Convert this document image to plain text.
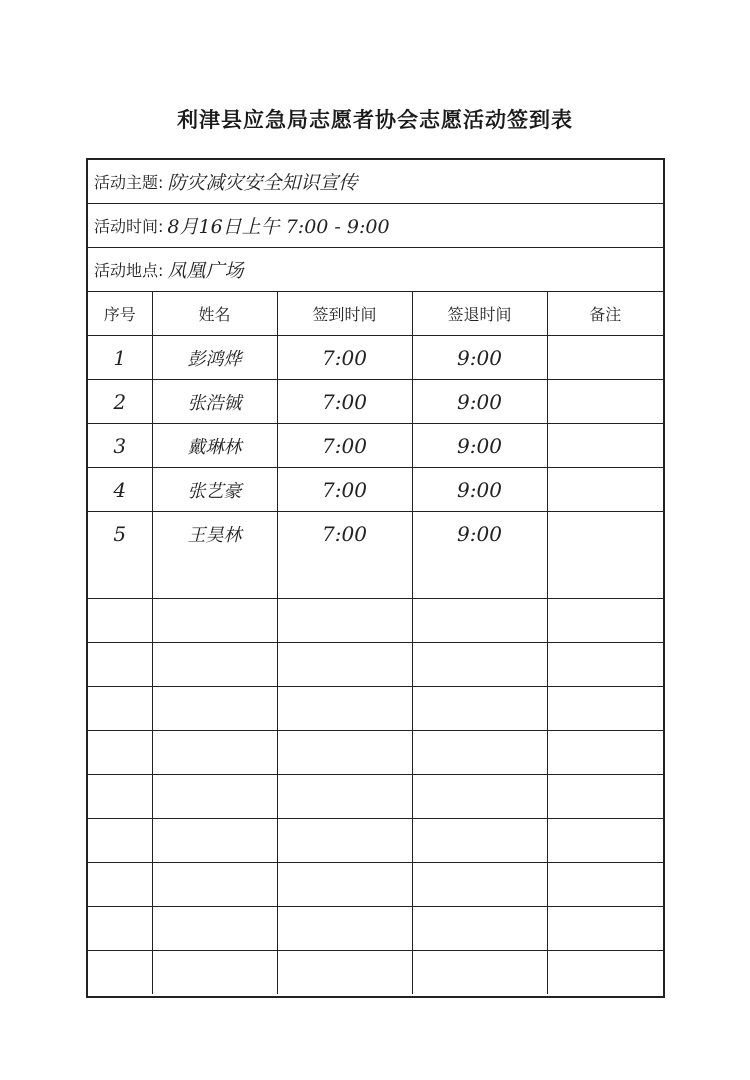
利津县应急局志愿者协会志愿活动签到表
活动主题: 防灾减灾安全知识宣传
活动时间: 8月16日上午 7:00 - 9:00
活动地点: 凤凰广场
序号	姓名	签到时间	签退时间	备注
1	彭鸿烨	7:00	9:00	
2	张浩铖	7:00	9:00	
3	戴琳林	7:00	9:00	
4	张艺豪	7:00	9:00	
5	王昊林	7:00	9:00	
